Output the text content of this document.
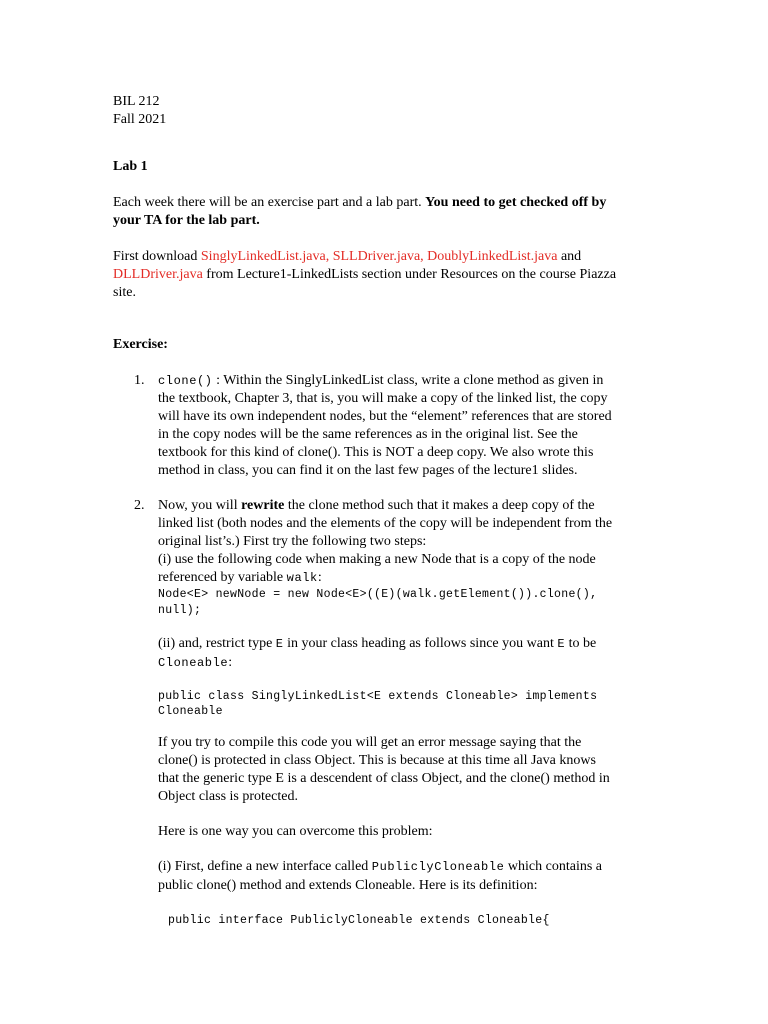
BIL 212
Fall 2021
Lab 1
Each week there will be an exercise part and a lab part. You need to get checked off by
your TA for the lab part.
First download SinglyLinkedList.java, SLLDriver.java, DoublyLinkedList.java and
DLLDriver.java from Lecture1-LinkedLists section under Resources on the course Piazza
site.
Exercise:
1. clone() : Within the SinglyLinkedList class, write a clone method as given in
the textbook, Chapter 3, that is, you will make a copy of the linked list, the copy
will have its own independent nodes, but the “element” references that are stored
in the copy nodes will be the same references as in the original list. See the
textbook for this kind of clone(). This is NOT a deep copy. We also wrote this
method in class, you can find it on the last few pages of the lecture1 slides.
2. Now, you will rewrite the clone method such that it makes a deep copy of the
linked list (both nodes and the elements of the copy will be independent from the
original list’s.) First try the following two steps:
(i) use the following code when making a new Node that is a copy of the node
referenced by variable walk:
Node<E> newNode = new Node<E>((E)(walk.getElement()).clone(),
null);
(ii) and, restrict type E in your class heading as follows since you want E to be
Cloneable:
public class SinglyLinkedList<E extends Cloneable> implements
Cloneable
If you try to compile this code you will get an error message saying that the
clone() is protected in class Object. This is because at this time all Java knows
that the generic type E is a descendent of class Object, and the clone() method in
Object class is protected.
Here is one way you can overcome this problem:
(i) First, define a new interface called PubliclyCloneable which contains a
public clone() method and extends Cloneable. Here is its definition:
public interface PubliclyCloneable extends Cloneable{
